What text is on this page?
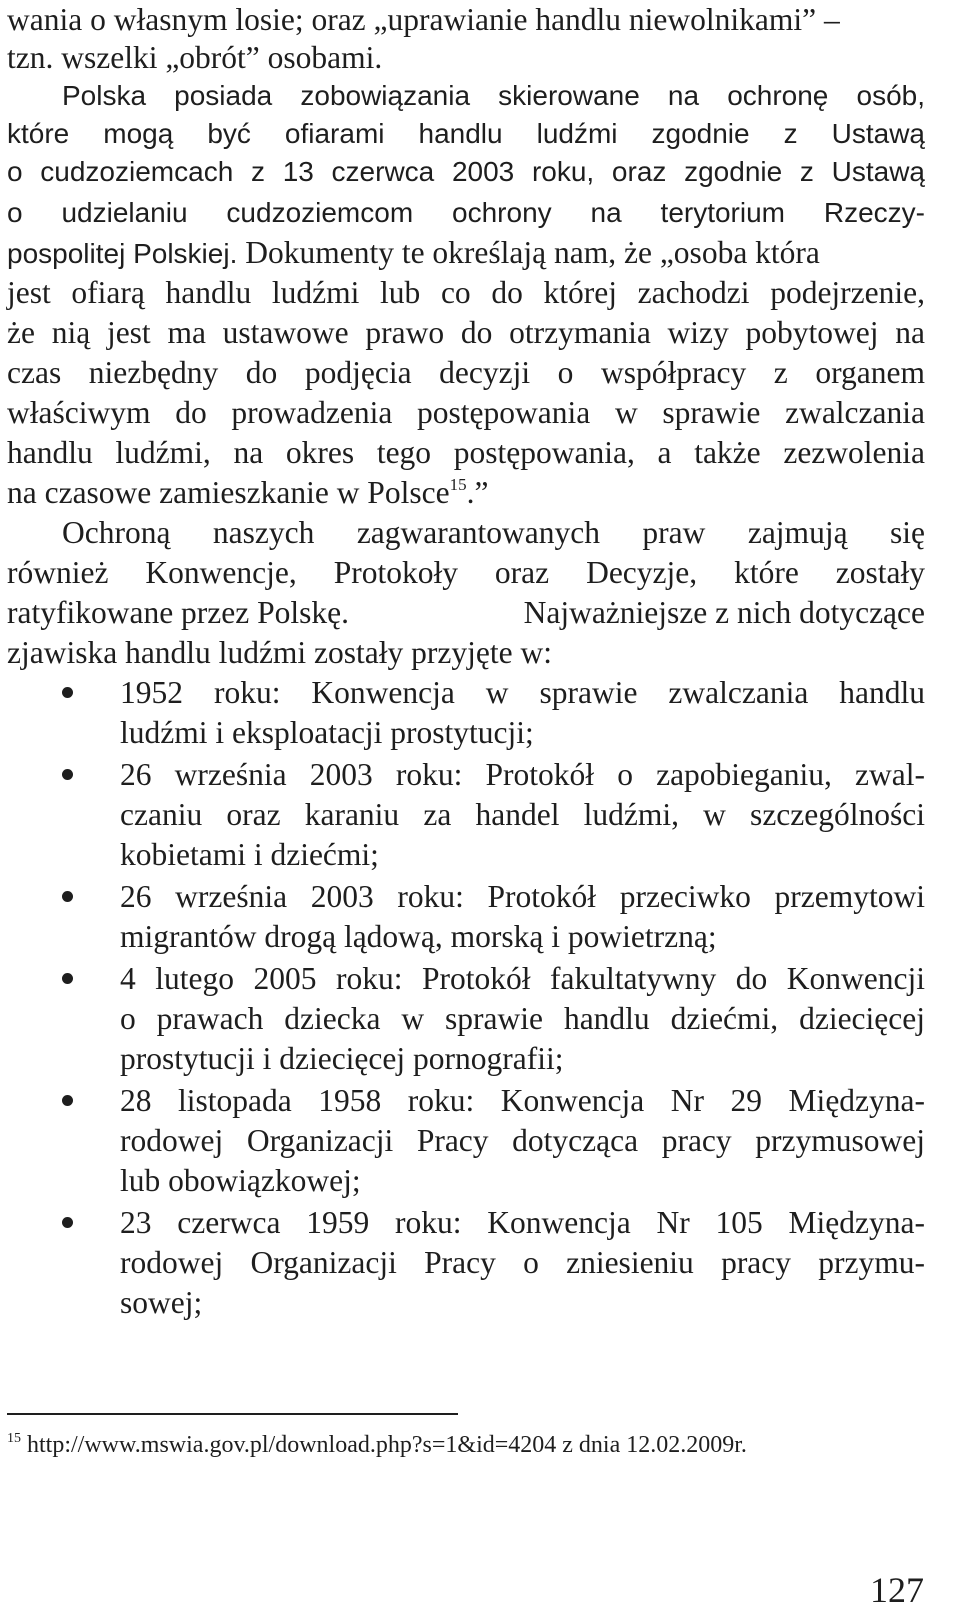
wania o własnym losie; oraz „uprawianie handlu niewolnikami” –
tzn. wszelki „obrót” osobami.
Polska posiada zobowiązania skierowane na ochronę osób,
które mogą być ofiarami handlu ludźmi zgodnie z Ustawą
o cudzoziemcach z 13 czerwca 2003 roku, oraz zgodnie z Ustawą
o udzielaniu cudzoziemcom ochrony na terytorium Rzeczy-
pospolitej Polskiej. Dokumenty te określają nam, że „osoba która
jest ofiarą handlu ludźmi lub co do której zachodzi podejrzenie,
że nią jest ma ustawowe prawo do otrzymania wizy pobytowej na
czas niezbędny do podjęcia decyzji o współpracy z organem
właściwym do prowadzenia postępowania w sprawie zwalczania
handlu ludźmi, na okres tego postępowania, a także zezwolenia
na czasowe zamieszkanie w Polsce$^{15}$.”
Ochroną naszych zagwarantowanych praw zajmują się
również Konwencje, Protokoły oraz Decyzje, które zostały
ratyfikowane przez Polskę.	Najważniejsze z nich dotyczące
zjawiska handlu ludźmi zostały przyjęte w:
1952 roku: Konwencja w sprawie zwalczania handlu
ludźmi i eksploatacji prostytucji;
26 września 2003 roku: Protokół o zapobieganiu, zwal-
czaniu oraz karaniu za handel ludźmi, w szczególności
kobietami i dziećmi;
26 września 2003 roku: Protokół przeciwko przemytowi
migrantów drogą lądową, morską i powietrzną;
4 lutego 2005 roku: Protokół fakultatywny do Konwencji
o prawach dziecka w sprawie handlu dziećmi, dziecięcej
prostytucji i dziecięcej pornografii;
28 listopada 1958 roku: Konwencja Nr 29 Międzyna-
rodowej Organizacji Pracy dotycząca pracy przymusowej
lub obowiązkowej;
23 czerwca 1959 roku: Konwencja Nr 105 Międzyna-
rodowej Organizacji Pracy o zniesieniu pracy przymu-
sowej;
$^{15}$ http://www.mswia.gov.pl/download.php?s=1&id=4204 z dnia 12.02.2009r.
127
